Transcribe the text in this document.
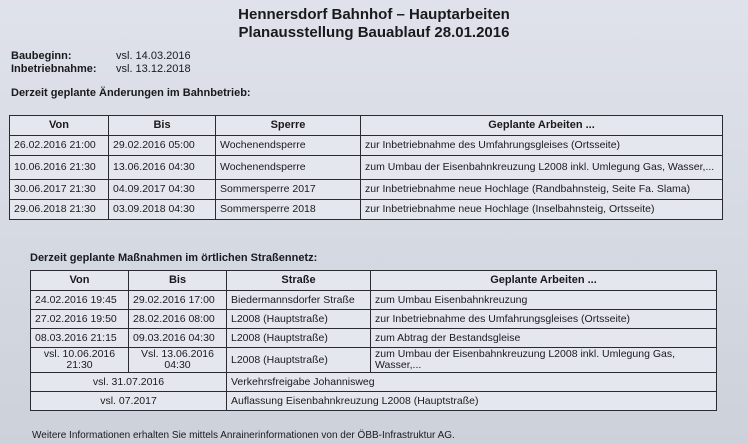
Hennersdorf Bahnhof – Hauptarbeiten
Planausstellung Bauablauf 28.01.2016
Baubeginn:	vsl. 14.03.2016
Inbetriebnahme: vsl. 13.12.2018
Derzeit geplante Änderungen im Bahnbetrieb:
Von	Bis	Sperre	Geplante Arbeiten ...
26.02.2016 21:00	29.02.2016 05:00	Wochenendsperre	zur Inbetriebnahme des Umfahrungsgleises (Ortsseite)
10.06.2016 21:30	13.06.2016 04:30	Wochenendsperre	zum Umbau der Eisenbahnkreuzung L2008 inkl. Umlegung Gas, Wasser,...
30.06.2017 21:30	04.09.2017 04:30	Sommersperre 2017	zur Inbetriebnahme neue Hochlage (Randbahnsteig, Seite Fa. Slama)
29.06.2018 21:30	03.09.2018 04:30	Sommersperre 2018	zur Inbetriebnahme neue Hochlage (Inselbahnsteig, Ortsseite)
Derzeit geplante Maßnahmen im örtlichen Straßennetz:
Von	Bis	Straße	Geplante Arbeiten ...
24.02.2016 19:45	29.02.2016 17:00	Biedermannsdorfer Straße	zum Umbau Eisenbahnkreuzung
27.02.2016 19:50	28.02.2016 08:00	L2008 (Hauptstraße)	zur Inbetriebnahme des Umfahrungsgleises (Ortsseite)
08.03.2016 21:15	09.03.2016 04:30	L2008 (Hauptstraße)	zum Abtrag der Bestandsgleise
vsl. 10.06.2016 21:30	Vsl. 13.06.2016 04:30	L2008 (Hauptstraße)	zum Umbau der Eisenbahnkreuzung L2008 inkl. Umlegung Gas, Wasser,...
vsl. 31.07.2016		Verkehrsfreigabe Johannisweg	
vsl. 07.2017		Auflassung Eisenbahnkreuzung L2008 (Hauptstraße)	
Weitere Informationen erhalten Sie mittels Anrainerinformationen von der ÖBB-Infrastruktur AG.
